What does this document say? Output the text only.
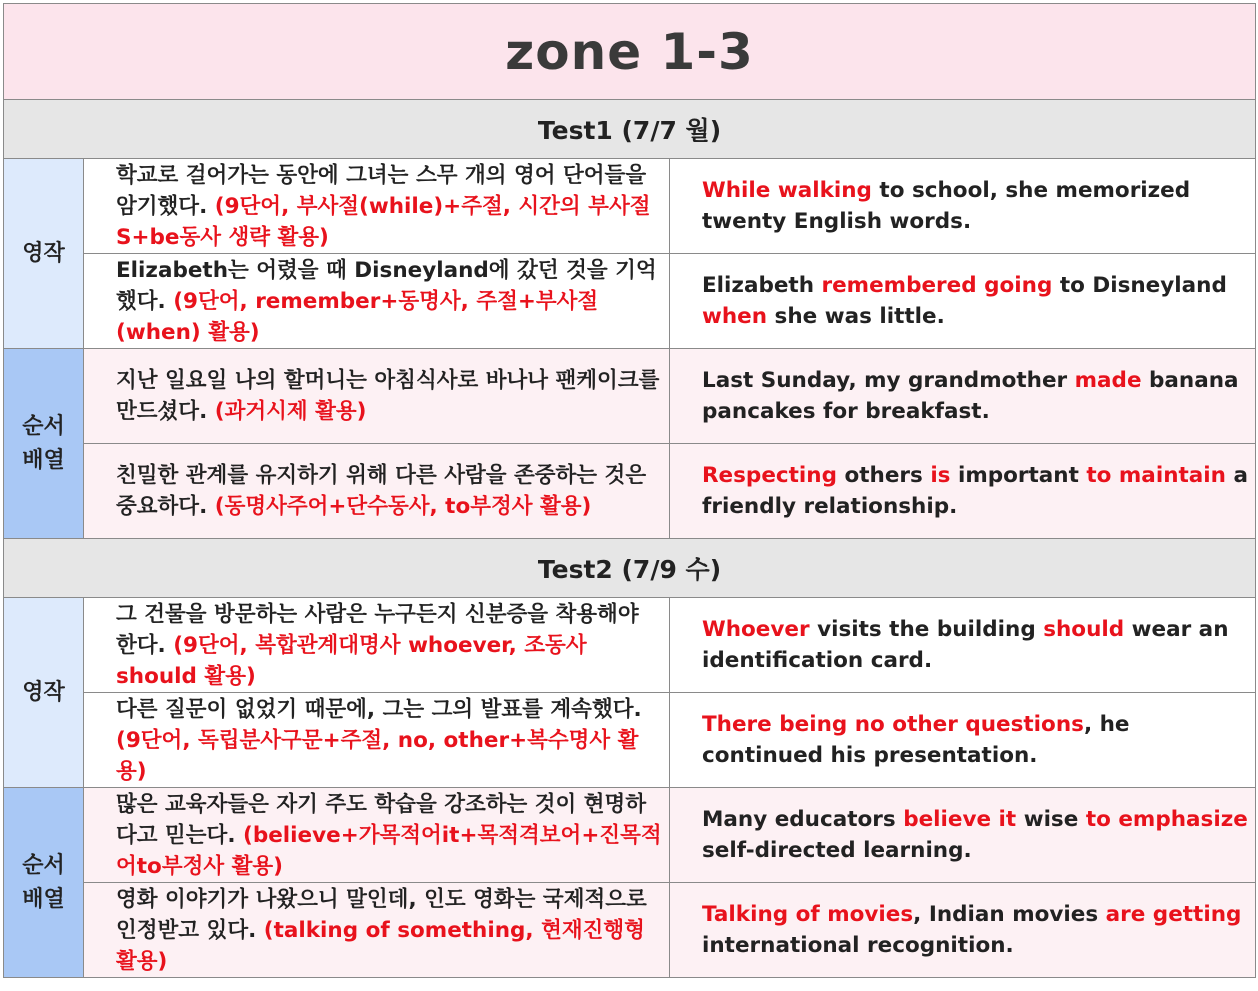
zone 1-3		
Test1 (7/7 월)		
영작	학교로 걸어가는 동안에 그녀는 스무 개의 영어 단어들을 암기했다. (9단어, 부사절(while)+주절, 시간의 부사절 S+be동사 생략 활용)	While walking to school, she memorized twenty English words.
	Elizabeth는 어렸을 때 Disneyland에 갔던 것을 기억했다. (9단어, remember+동명사, 주절+부사절(when) 활용)	Elizabeth remembered going to Disneyland when she was little.
순서
배열	지난 일요일 나의 할머니는 아침식사로 바나나 팬케이크를 만드셨다. (과거시제 활용)	Last Sunday, my grandmother made banana pancakes for breakfast.
	친밀한 관계를 유지하기 위해 다른 사람을 존중하는 것은 중요하다. (동명사주어+단수동사, to부정사 활용)	Respecting others is important to maintain a friendly relationship.
Test2 (7/9 수)		
영작	그 건물을 방문하는 사람은 누구든지 신분증을 착용해야 한다. (9단어, 복합관계대명사 whoever, 조동사 should 활용)	Whoever visits the building should wear an identification card.
	다른 질문이 없었기 때문에, 그는 그의 발표를 계속했다. (9단어, 독립분사구문+주절, no, other+복수명사 활용)	There being no other questions, he continued his presentation.
순서
배열	많은 교육자들은 자기 주도 학습을 강조하는 것이 현명하다고 믿는다. (believe+가목적어it+목적격보어+진목적어to부정사 활용)	Many educators believe it wise to emphasize self-directed learning.
	영화 이야기가 나왔으니 말인데, 인도 영화는 국제적으로 인정받고 있다. (talking of something, 현재진행형 활용)	Talking of movies, Indian movies are getting international recognition.
